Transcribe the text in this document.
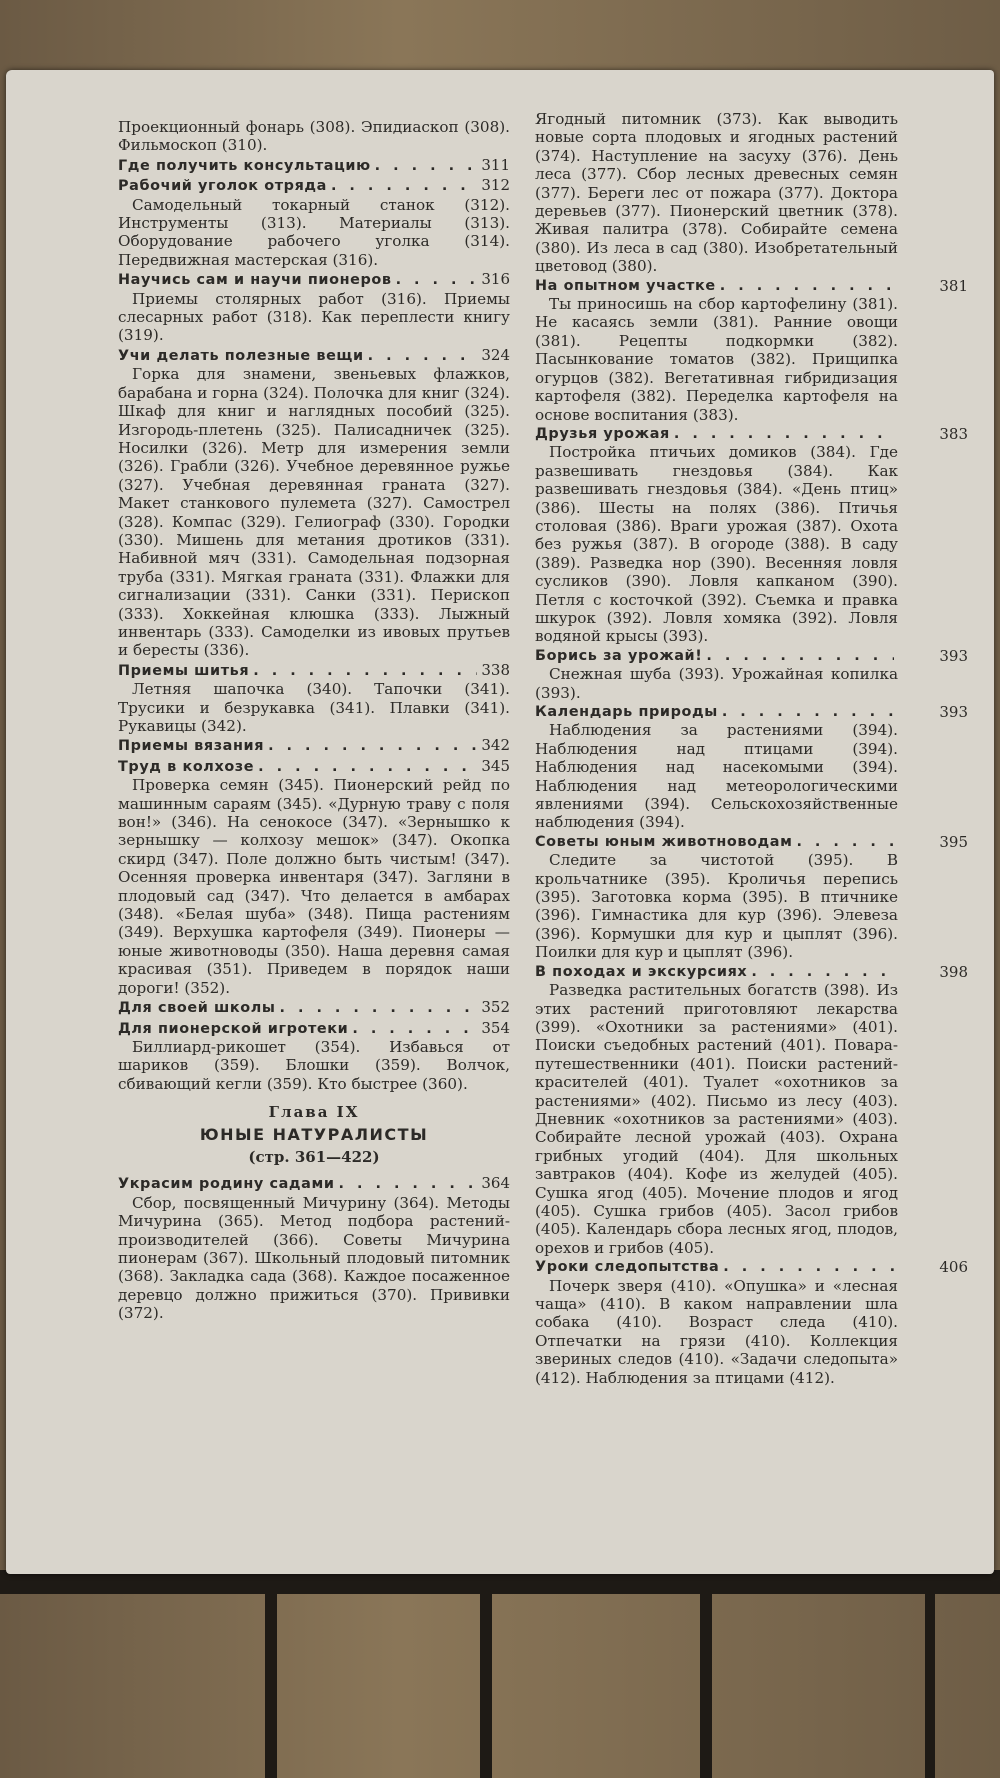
Проекционный фонарь (308). Эпидиаскоп (308). Фильмоскоп (310).
Где получить консультацию . . .	311
Рабочий уголок отряда . . .	312
Самодельный токарный станок (312). Инструменты (313). Материалы (313). Оборудование рабочего уголка (314). Передвижная мастерская (316).
Научись сам и научи пионеров . . .	316
Приемы столярных работ (316). Приемы слесарных работ (318). Как переплести книгу (319).
Учи делать полезные вещи . . .	324
Горка для знамени, звеньевых флажков, барабана и горна (324). Полочка для книг (324). Шкаф для книг и наглядных пособий (325). Изгородь-плетень (325). Палисадничек (325). Носилки (326). Метр для измерения земли (326). Грабли (326). Учебное деревянное ружье (327). Учебная деревянная граната (327). Макет станкового пулемета (327). Самострел (328). Компас (329). Гелиограф (330). Городки (330). Мишень для метания дротиков (331). Набивной мяч (331). Самодельная подзорная труба (331). Мягкая граната (331). Флажки для сигнализации (331). Санки (331). Перископ (333). Хоккейная клюшка (333). Лыжный инвентарь (333). Самоделки из ивовых прутьев и бересты (336).
Приемы шитья . . .	338
Летняя шапочка (340). Тапочки (341). Трусики и безрукавка (341). Плавки (341). Рукавицы (342).
Приемы вязания . . .	342
Труд в колхозе . . .	345
Проверка семян (345). Пионерский рейд по машинным сараям (345). «Дурную траву с поля вон!» (346). На сенокосе (347). «Зернышко к зернышку — колхозу мешок» (347). Окопка скирд (347). Поле должно быть чистым! (347). Осенняя проверка инвентаря (347). Загляни в плодовый сад (347). Что делается в амбарах (348). «Белая шуба» (348). Пища растениям (349). Верхушка картофеля (349). Пионеры — юные животноводы (350). Наша деревня самая красивая (351). Приведем в порядок наши дороги! (352).
Для своей школы . . .	352
Для пионерской игротеки . . .	354
Биллиард-рикошет (354). Избавься от шариков (359). Блошки (359). Волчок, сбивающий кегли (359). Кто быстрее (360).
Глава IX
ЮНЫЕ НАТУРАЛИСТЫ
(стр. 361—422)
Украсим родину садами . . .	364
Сбор, посвященный Мичурину (364). Методы Мичурина (365). Метод подбора растений-производителей (366). Советы Мичурина пионерам (367). Школьный плодовый питомник (368). Закладка сада (368). Каждое посаженное деревцо должно прижиться (370). Прививки (372).
Ягодный питомник (373). Как выводить новые сорта плодовых и ягодных растений (374). Наступление на засуху (376). День леса (377). Сбор лесных древесных семян (377). Береги лес от пожара (377). Доктора деревьев (377). Пионерский цветник (378). Живая палитра (378). Собирайте семена (380). Из леса в сад (380). Изобретательный цветовод (380).
На опытном участке . . .	381
Ты приносишь на сбор картофелину (381). Не касаясь земли (381). Ранние овощи (381). Рецепты подкормки (382). Пасынкование томатов (382). Прищипка огурцов (382). Вегетативная гибридизация картофеля (382). Переделка картофеля на основе воспитания (383).
Друзья урожая . . .	383
Постройка птичьих домиков (384). Где развешивать гнездовья (384). Как развешивать гнездовья (384). «День птиц» (386). Шесты на полях (386). Птичья столовая (386). Враги урожая (387). Охота без ружья (387). В огороде (388). В саду (389). Разведка нор (390). Весенняя ловля сусликов (390). Ловля капканом (390). Петля с косточкой (392). Съемка и правка шкурок (392). Ловля хомяка (392). Ловля водяной крысы (393).
Борись за урожай! . . .	393
Снежная шуба (393). Урожайная копилка (393).
Календарь природы . . .	393
Наблюдения за растениями (394). Наблюдения над птицами (394). Наблюдения над насекомыми (394). Наблюдения над метеорологическими явлениями (394). Сельскохозяйственные наблюдения (394).
Советы юным животноводам . . .	395
Следите за чистотой (395). В крольчатнике (395). Кроличья перепись (395). Заготовка корма (395). В птичнике (396). Гимнастика для кур (396). Элевеза (396). Кормушки для кур и цыплят (396). Поилки для кур и цыплят (396).
В походах и экскурсиях . . .	398
Разведка растительных богатств (398). Из этих растений приготовляют лекарства (399). «Охотники за растениями» (401). Поиски съедобных растений (401). Повара-путешественники (401). Поиски растений-красителей (401). Туалет «охотников за растениями» (402). Письмо из лесу (403). Дневник «охотников за растениями» (403). Собирайте лесной урожай (403). Охрана грибных угодий (404). Для школьных завтраков (404). Кофе из желудей (405). Сушка ягод (405). Мочение плодов и ягод (405). Сушка грибов (405). Засол грибов (405). Календарь сбора лесных ягод, плодов, орехов и грибов (405).
Уроки следопытства . . .	406
Почерк зверя (410). «Опушка» и «лесная чаща» (410). В каком направлении шла собака (410). Возраст следа (410). Отпечатки на грязи (410). Коллекция звериных следов (410). «Задачи следопыта» (412). Наблюдения за птицами (412).
